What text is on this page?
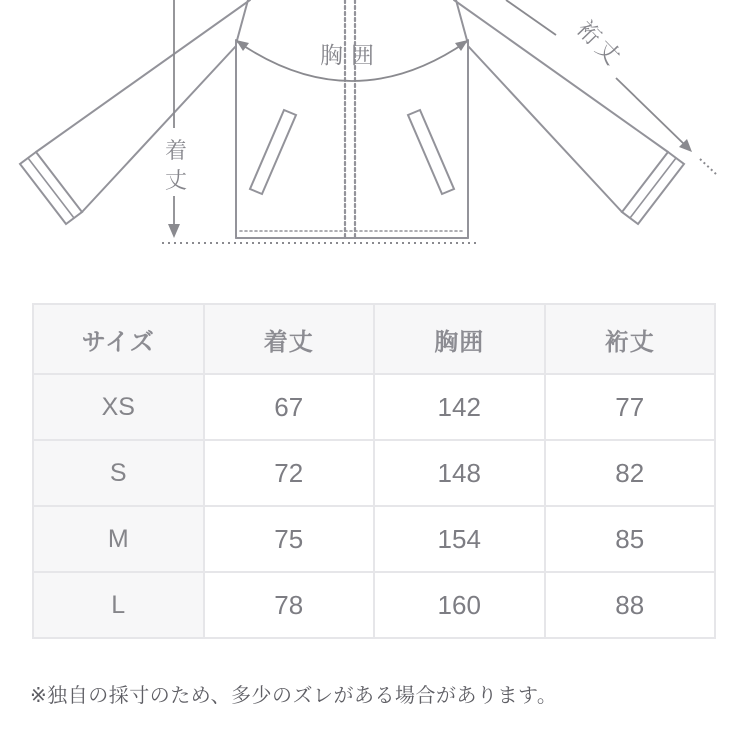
胸囲
着
丈
裄丈
サイズ	着丈	胸囲	裄丈
XS	67	142	77
S	72	148	82
M	75	154	85
L	78	160	88
※独自の採寸のため、多少のズレがある場合があります。
